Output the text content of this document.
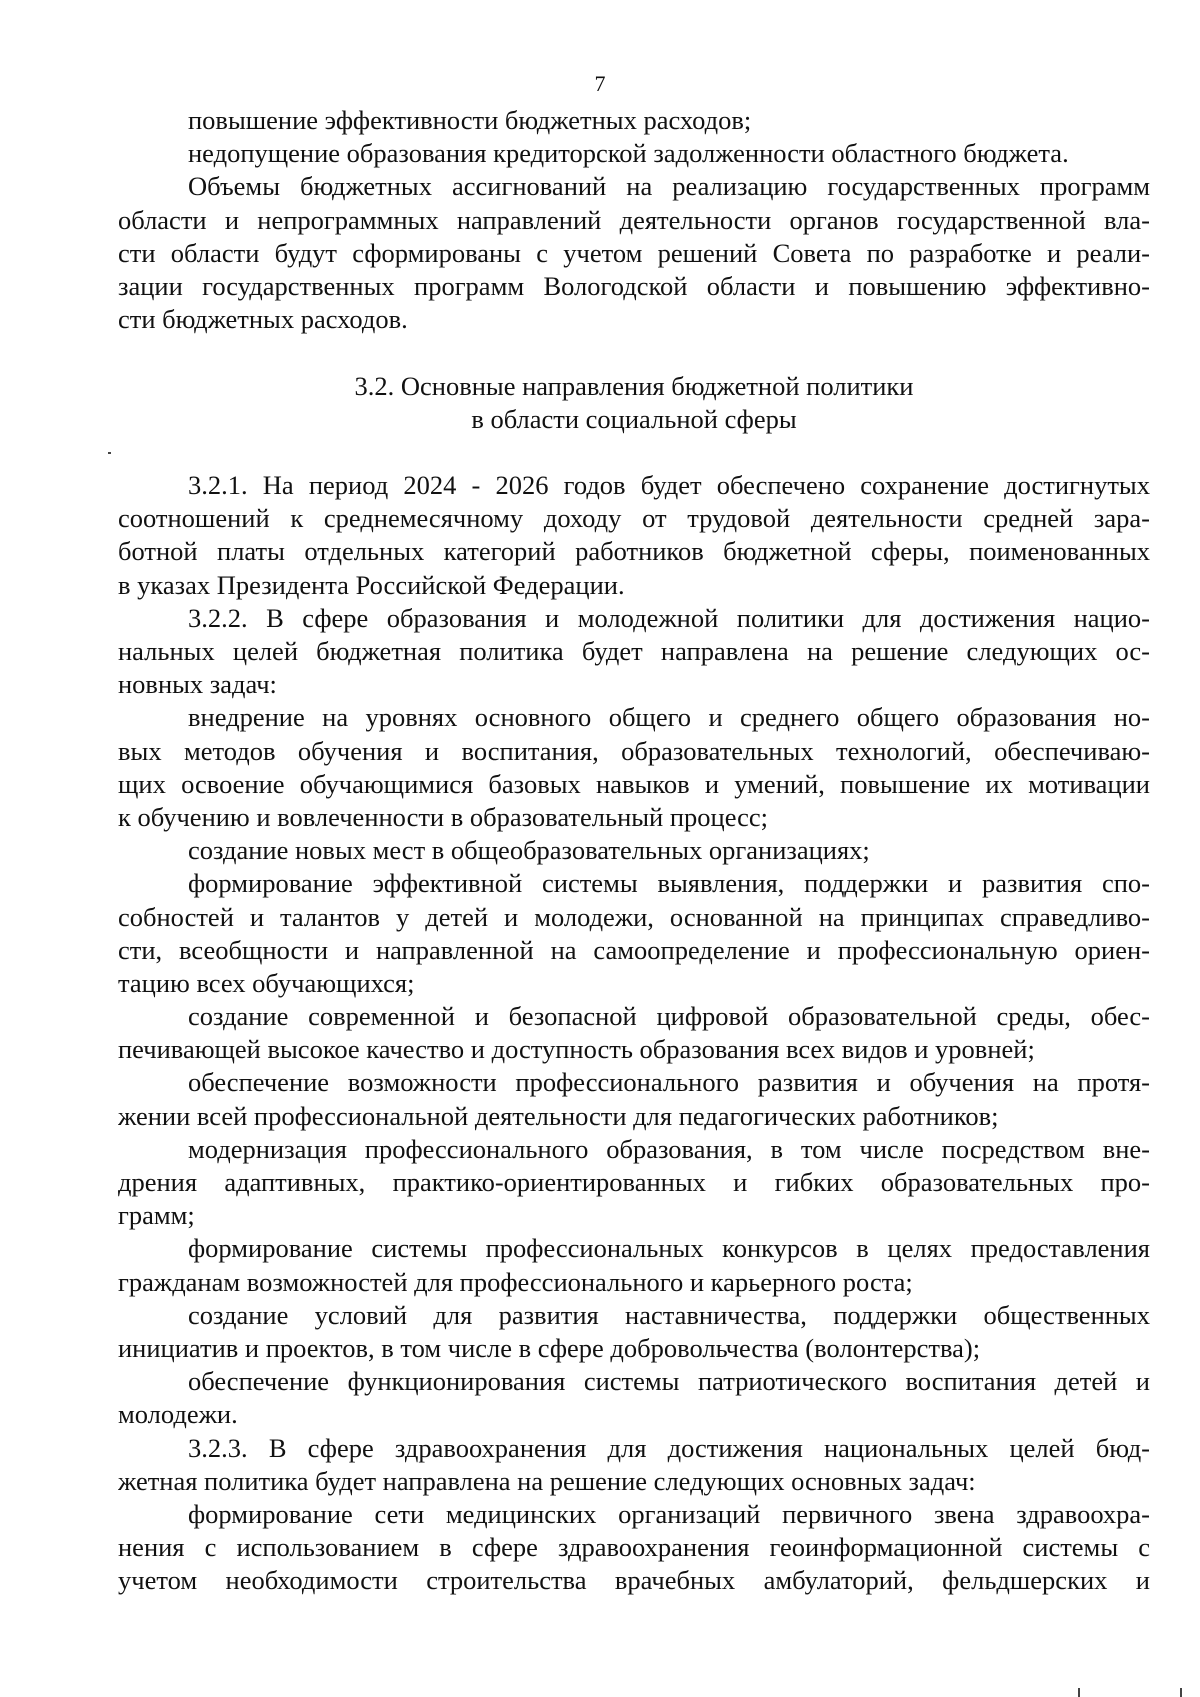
7
повышение эффективности бюджетных расходов;
недопущение образования кредиторской задолженности областного бюджета.
Объемы бюджетных ассигнований на реализацию государственных программ
области и непрограммных направлений деятельности органов государственной вла-
сти области будут сформированы с учетом решений Совета по разработке и реали-
зации государственных программ Вологодской области и повышению эффективно-
сти бюджетных расходов.
3.2. Основные направления бюджетной политики
в области социальной сферы
3.2.1. На период 2024 - 2026 годов будет обеспечено сохранение достигнутых
соотношений к среднемесячному доходу от трудовой деятельности средней зара-
ботной платы отдельных категорий работников бюджетной сферы, поименованных
в указах Президента Российской Федерации.
3.2.2. В сфере образования и молодежной политики для достижения нацио-
нальных целей бюджетная политика будет направлена на решение следующих ос-
новных задач:
внедрение на уровнях основного общего и среднего общего образования но-
вых методов обучения и воспитания, образовательных технологий, обеспечиваю-
щих освоение обучающимися базовых навыков и умений, повышение их мотивации
к обучению и вовлеченности в образовательный процесс;
создание новых мест в общеобразовательных организациях;
формирование эффективной системы выявления, поддержки и развития спо-
собностей и талантов у детей и молодежи, основанной на принципах справедливо-
сти, всеобщности и направленной на самоопределение и профессиональную ориен-
тацию всех обучающихся;
создание современной и безопасной цифровой образовательной среды, обес-
печивающей высокое качество и доступность образования всех видов и уровней;
обеспечение возможности профессионального развития и обучения на протя-
жении всей профессиональной деятельности для педагогических работников;
модернизация профессионального образования, в том числе посредством вне-
дрения адаптивных, практико-ориентированных и гибких образовательных про-
грамм;
формирование системы профессиональных конкурсов в целях предоставления
гражданам возможностей для профессионального и карьерного роста;
создание условий для развития наставничества, поддержки общественных
инициатив и проектов, в том числе в сфере добровольчества (волонтерства);
обеспечение функционирования системы патриотического воспитания детей и
молодежи.
3.2.3. В сфере здравоохранения для достижения национальных целей бюд-
жетная политика будет направлена на решение следующих основных задач:
формирование сети медицинских организаций первичного звена здравоохра-
нения с использованием в сфере здравоохранения геоинформационной системы с
учетом необходимости строительства врачебных амбулаторий, фельдшерских и
